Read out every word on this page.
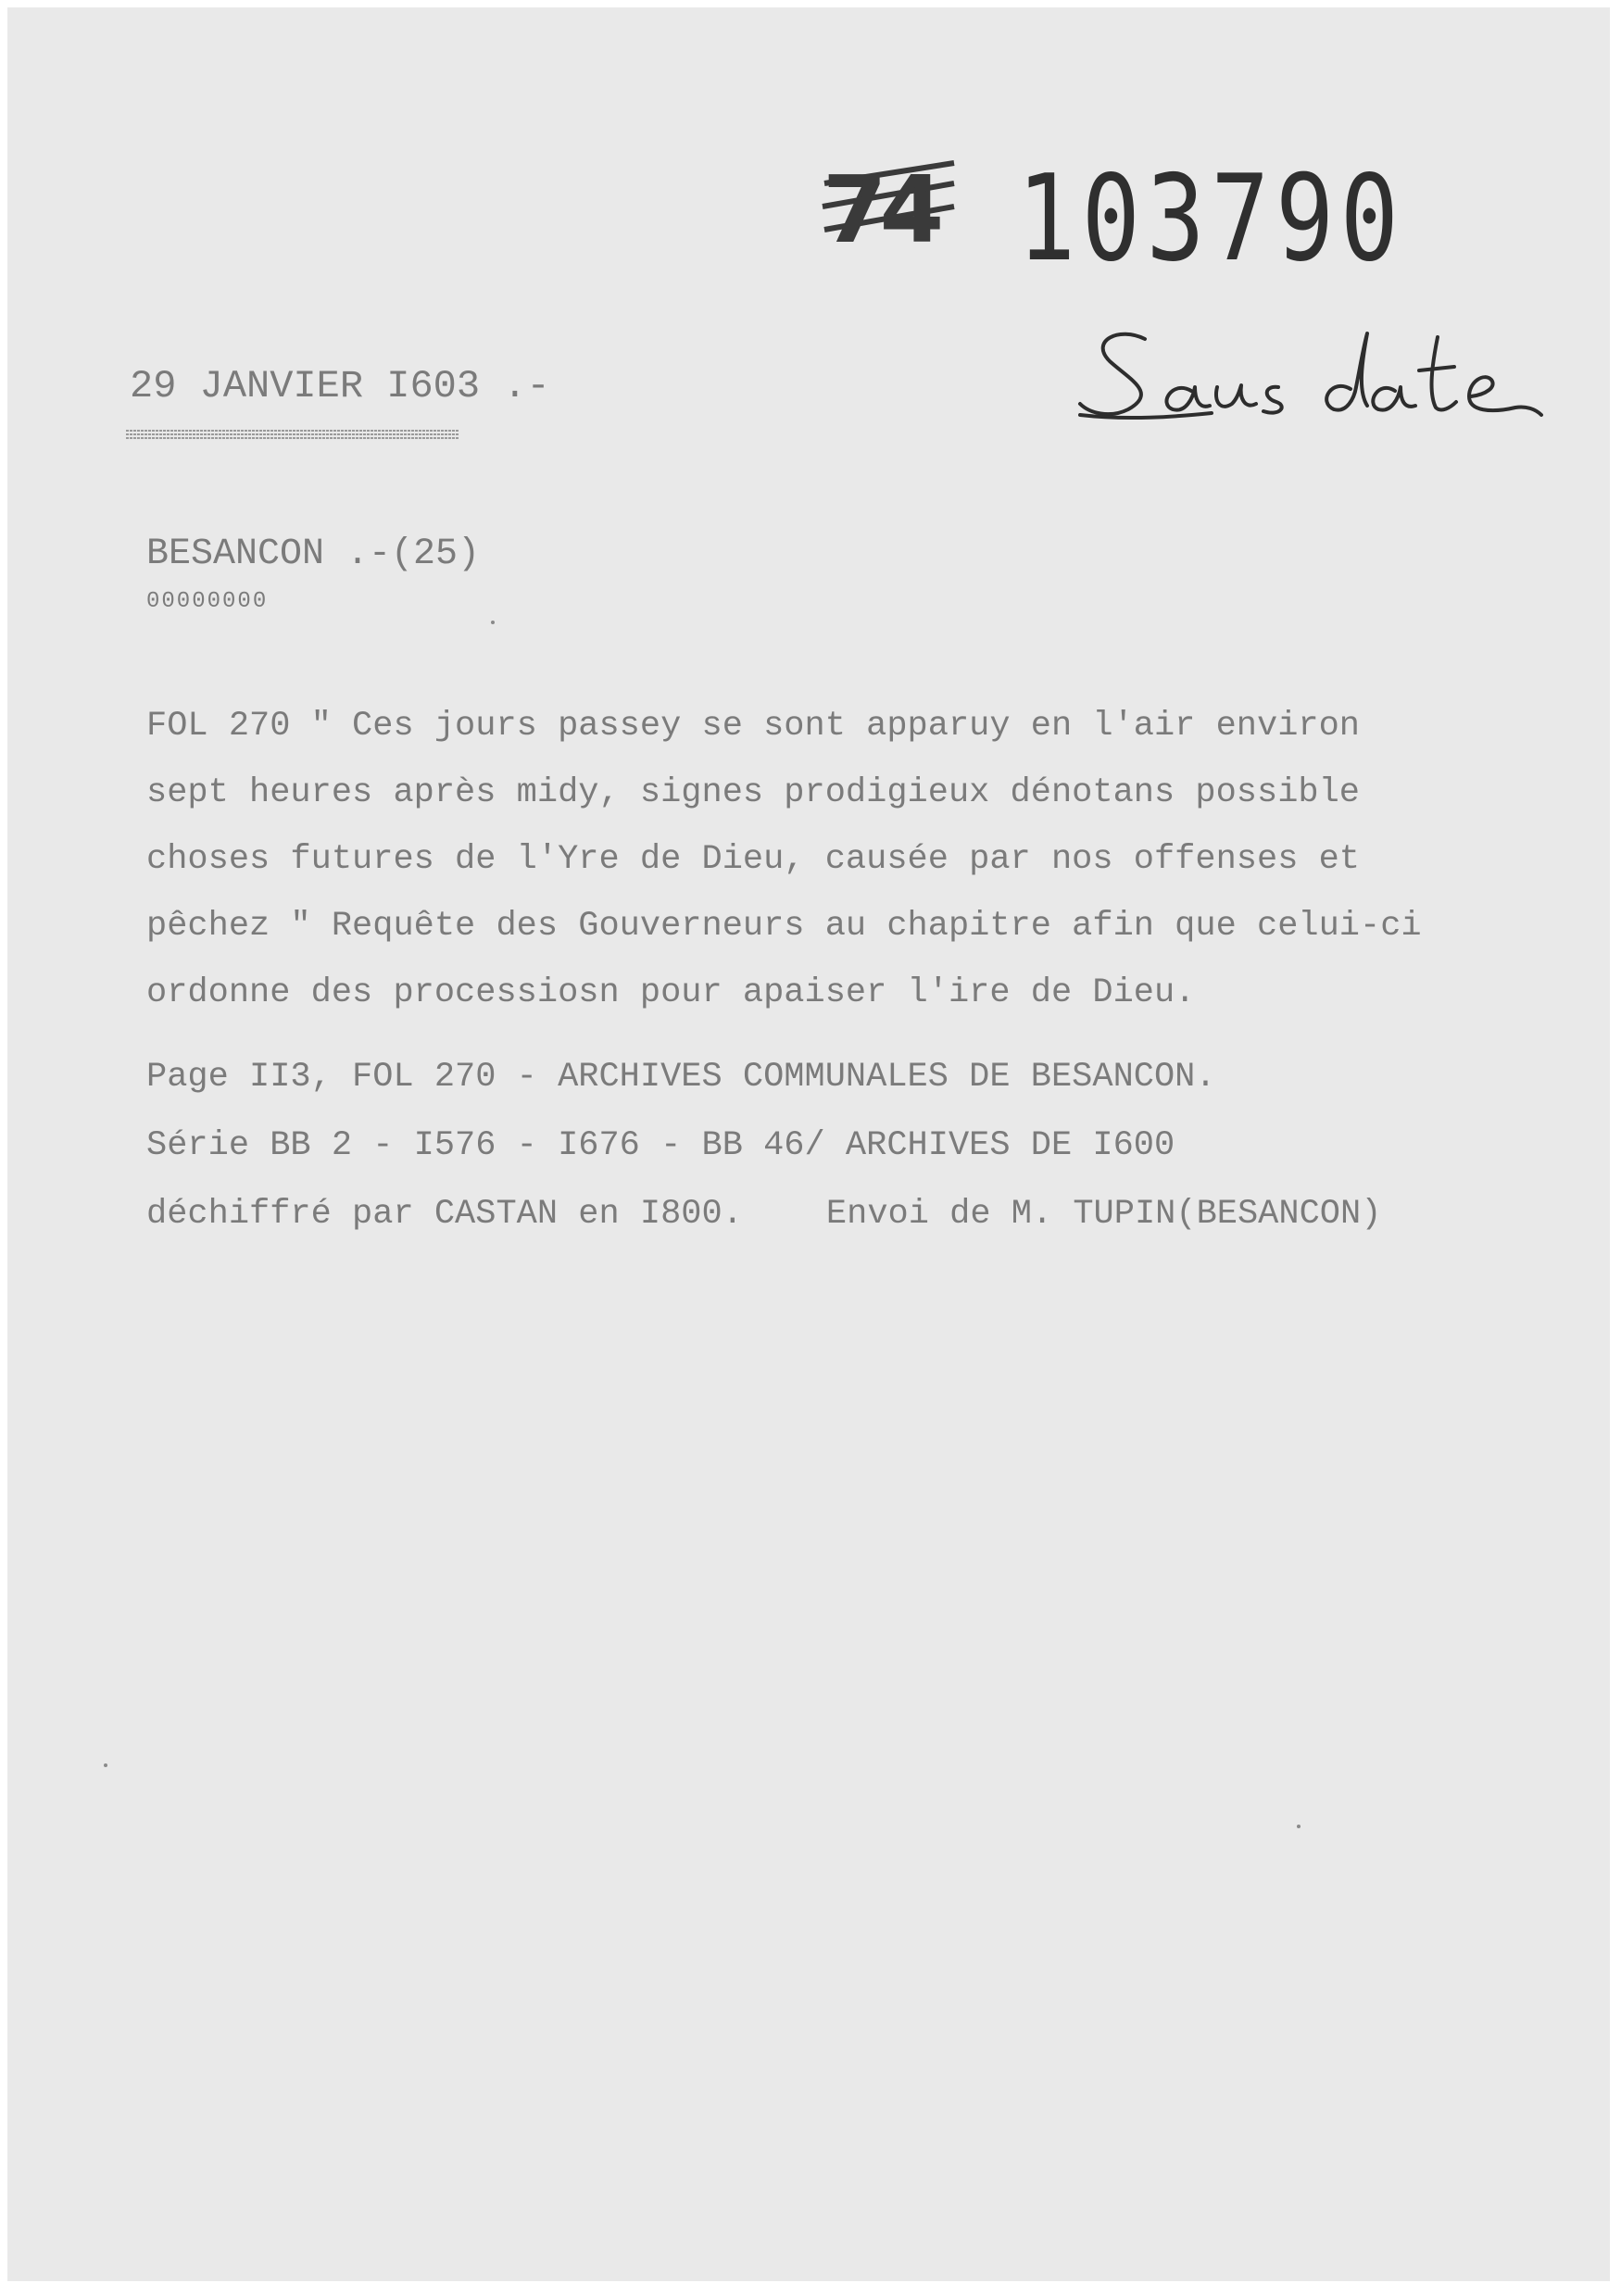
74 103790
29 JANVIER I603 .-
BESANCON .-(25)
00000000
FOL 270 " Ces jours passey se sont apparuy en l'air environ
sept heures après midy, signes prodigieux dénotans possible
choses futures de l'Yre de Dieu, causée par nos offenses et
pêchez " Requête des Gouverneurs au chapitre afin que celui-ci
ordonne des processiosn pour apaiser l'ire de Dieu.
Page II3, FOL 270 - ARCHIVES COMMUNALES DE BESANCON.
Série BB 2 - I576 - I676 - BB 46/ ARCHIVES DE I600
déchiffré par CASTAN en I800. Envoi de M. TUPIN(BESANCON)
